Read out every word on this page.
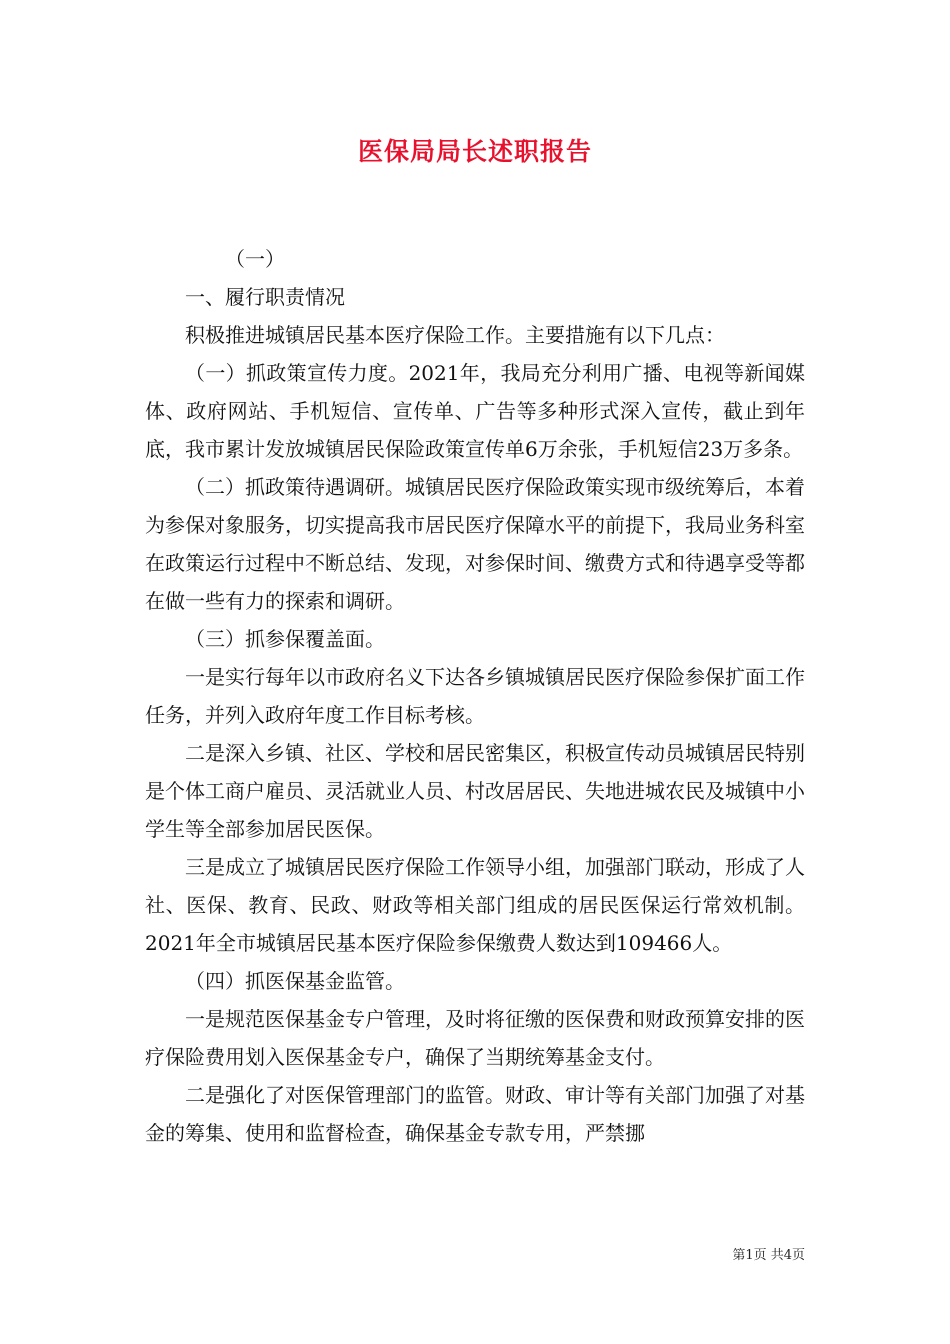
医保局局长述职报告

（一）

一、履行职责情况

积极推进城镇居民基本医疗保险工作。主要措施有以下几点：

（一）抓政策宣传力度。2021年，我局充分利用广播、电视等新闻媒体、政府网站、手机短信、宣传单、广告等多种形式深入宣传，截止到年底，我市累计发放城镇居民保险政策宣传单6万余张，手机短信23万多条。

（二）抓政策待遇调研。城镇居民医疗保险政策实现市级统筹后，本着为参保对象服务，切实提高我市居民医疗保障水平的前提下，我局业务科室在政策运行过程中不断总结、发现，对参保时间、缴费方式和待遇享受等都在做一些有力的探索和调研。

（三）抓参保覆盖面。

一是实行每年以市政府名义下达各乡镇城镇居民医疗保险参保扩面工作任务，并列入政府年度工作目标考核。

二是深入乡镇、社区、学校和居民密集区，积极宣传动员城镇居民特别是个体工商户雇员、灵活就业人员、村改居居民、失地进城农民及城镇中小学生等全部参加居民医保。

三是成立了城镇居民医疗保险工作领导小组，加强部门联动，形成了人社、医保、教育、民政、财政等相关部门组成的居民医保运行常效机制。2021年全市城镇居民基本医疗保险参保缴费人数达到109466人。

（四）抓医保基金监管。

一是规范医保基金专户管理，及时将征缴的医保费和财政预算安排的医疗保险费用划入医保基金专户，确保了当期统筹基金支付。

二是强化了对医保管理部门的监管。财政、审计等有关部门加强了对基金的筹集、使用和监督检查，确保基金专款专用，严禁挪

第1页 共4页
